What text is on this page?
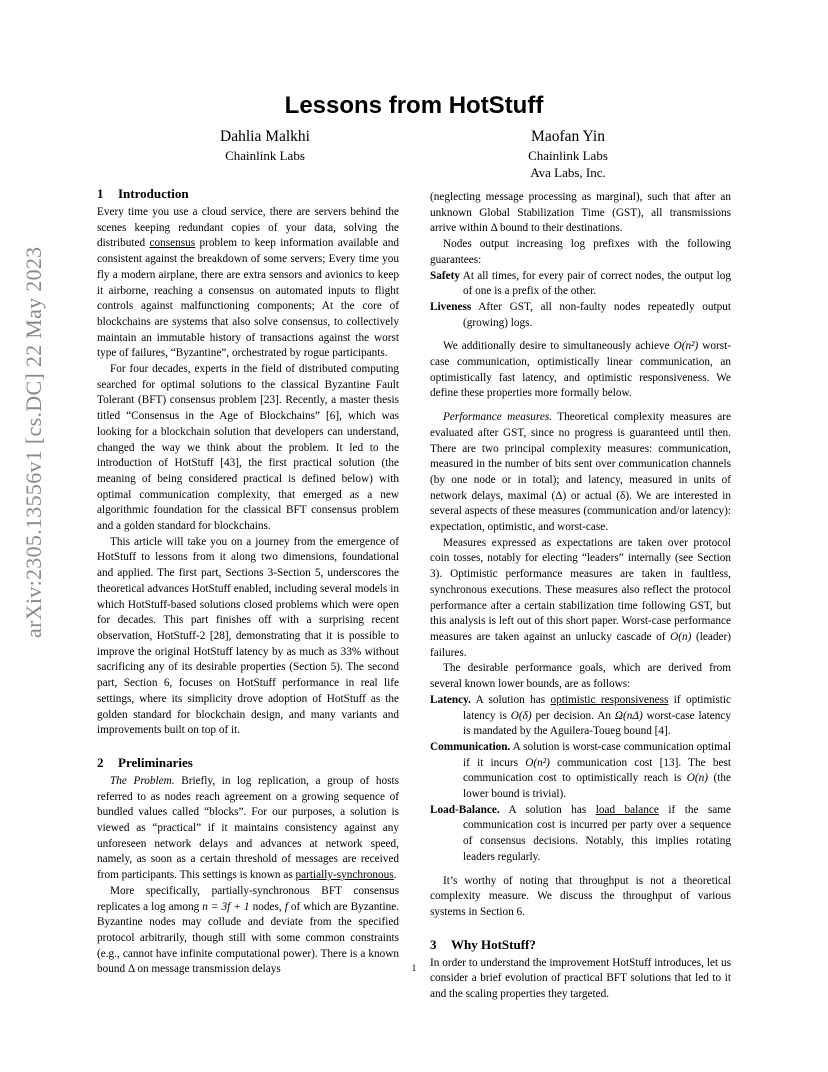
arXiv:2305.13556v1 [cs.DC] 22 May 2023
Lessons from HotStuff
Dahlia Malkhi
Chainlink Labs
Maofan Yin
Chainlink Labs
Ava Labs, Inc.
1 Introduction

Every time you use a cloud service, there are servers behind the scenes keeping redundant copies of your data, solving the distributed consensus problem to keep information available and consistent against the breakdown of some servers; Every time you fly a modern airplane, there are extra sensors and avionics to keep it airborne, reaching a consensus on automated inputs to flight controls against malfunctioning components; At the core of blockchains are systems that also solve consensus, to collectively maintain an immutable history of transactions against the worst type of failures, “Byzantine”, orchestrated by rogue participants.

For four decades, experts in the field of distributed computing searched for optimal solutions to the classical Byzantine Fault Tolerant (BFT) consensus problem [23]. Recently, a master thesis titled “Consensus in the Age of Blockchains” [6], which was looking for a blockchain solution that developers can understand, changed the way we think about the problem. It led to the introduction of HotStuff [43], the first practical solution (the meaning of being considered practical is defined below) with optimal communication complexity, that emerged as a new algorithmic foundation for the classical BFT consensus problem and a golden standard for blockchains.

This article will take you on a journey from the emergence of HotStuff to lessons from it along two dimensions, foundational and applied. The first part, Sections 3-Section 5, underscores the theoretical advances HotStuff enabled, including several models in which HotStuff-based solutions closed problems which were open for decades. This part finishes off with a surprising recent observation, HotStuff-2 [28], demonstrating that it is possible to improve the original HotStuff latency by as much as 33% without sacrificing any of its desirable properties (Section 5). The second part, Section 6, focuses on HotStuff performance in real life settings, where its simplicity drove adoption of HotStuff as the golden standard for blockchain design, and many variants and improvements built on top of it.

2 Preliminaries

The Problem. Briefly, in log replication, a group of hosts referred to as nodes reach agreement on a growing sequence of bundled values called “blocks”. For our purposes, a solution is viewed as “practical” if it maintains consistency against any unforeseen network delays and advances at network speed, namely, as soon as a certain threshold of messages are received from participants. This settings is known as partially-synchronous.

More specifically, partially-synchronous BFT consensus replicates a log among n = 3f + 1 nodes, f of which are Byzantine. Byzantine nodes may collude and deviate from the specified protocol arbitrarily, though still with some common constraints (e.g., cannot have infinite computational power). There is a known bound Δ on message transmission delays

(neglecting message processing as marginal), such that after an unknown Global Stabilization Time (GST), all transmissions arrive within Δ bound to their destinations.

Nodes output increasing log prefixes with the following guarantees:

Safety At all times, for every pair of correct nodes, the output log of one is a prefix of the other.
Liveness After GST, all non-faulty nodes repeatedly output (growing) logs.

We additionally desire to simultaneously achieve O(n²) worst-case communication, optimistically linear communication, an optimistically fast latency, and optimistic responsiveness. We define these properties more formally below.

Performance measures. Theoretical complexity measures are evaluated after GST, since no progress is guaranteed until then. There are two principal complexity measures: communication, measured in the number of bits sent over communication channels (by one node or in total); and latency, measured in units of network delays, maximal (Δ) or actual (δ). We are interested in several aspects of these measures (communication and/or latency): expectation, optimistic, and worst-case.

Measures expressed as expectations are taken over protocol coin tosses, notably for electing “leaders” internally (see Section 3). Optimistic performance measures are taken in faultless, synchronous executions. These measures also reflect the protocol performance after a certain stabilization time following GST, but this analysis is left out of this short paper. Worst-case performance measures are taken against an unlucky cascade of O(n) (leader) failures.

The desirable performance goals, which are derived from several known lower bounds, are as follows:

Latency. A solution has optimistic responsiveness if optimistic latency is O(δ) per decision. An Ω(nΔ) worst-case latency is mandated by the Aguilera-Toueg bound [4].
Communication. A solution is worst-case communication optimal if it incurs O(n²) communication cost [13]. The best communication cost to optimistically reach is O(n) (the lower bound is trivial).
Load-Balance. A solution has load balance if the same communication cost is incurred per party over a sequence of consensus decisions. Notably, this implies rotating leaders regularly.

It’s worthy of noting that throughput is not a theoretical complexity measure. We discuss the throughput of various systems in Section 6.

3 Why HotStuff?

In order to understand the improvement HotStuff introduces, let us consider a brief evolution of practical BFT solutions that led to it and the scaling properties they targeted.

1
